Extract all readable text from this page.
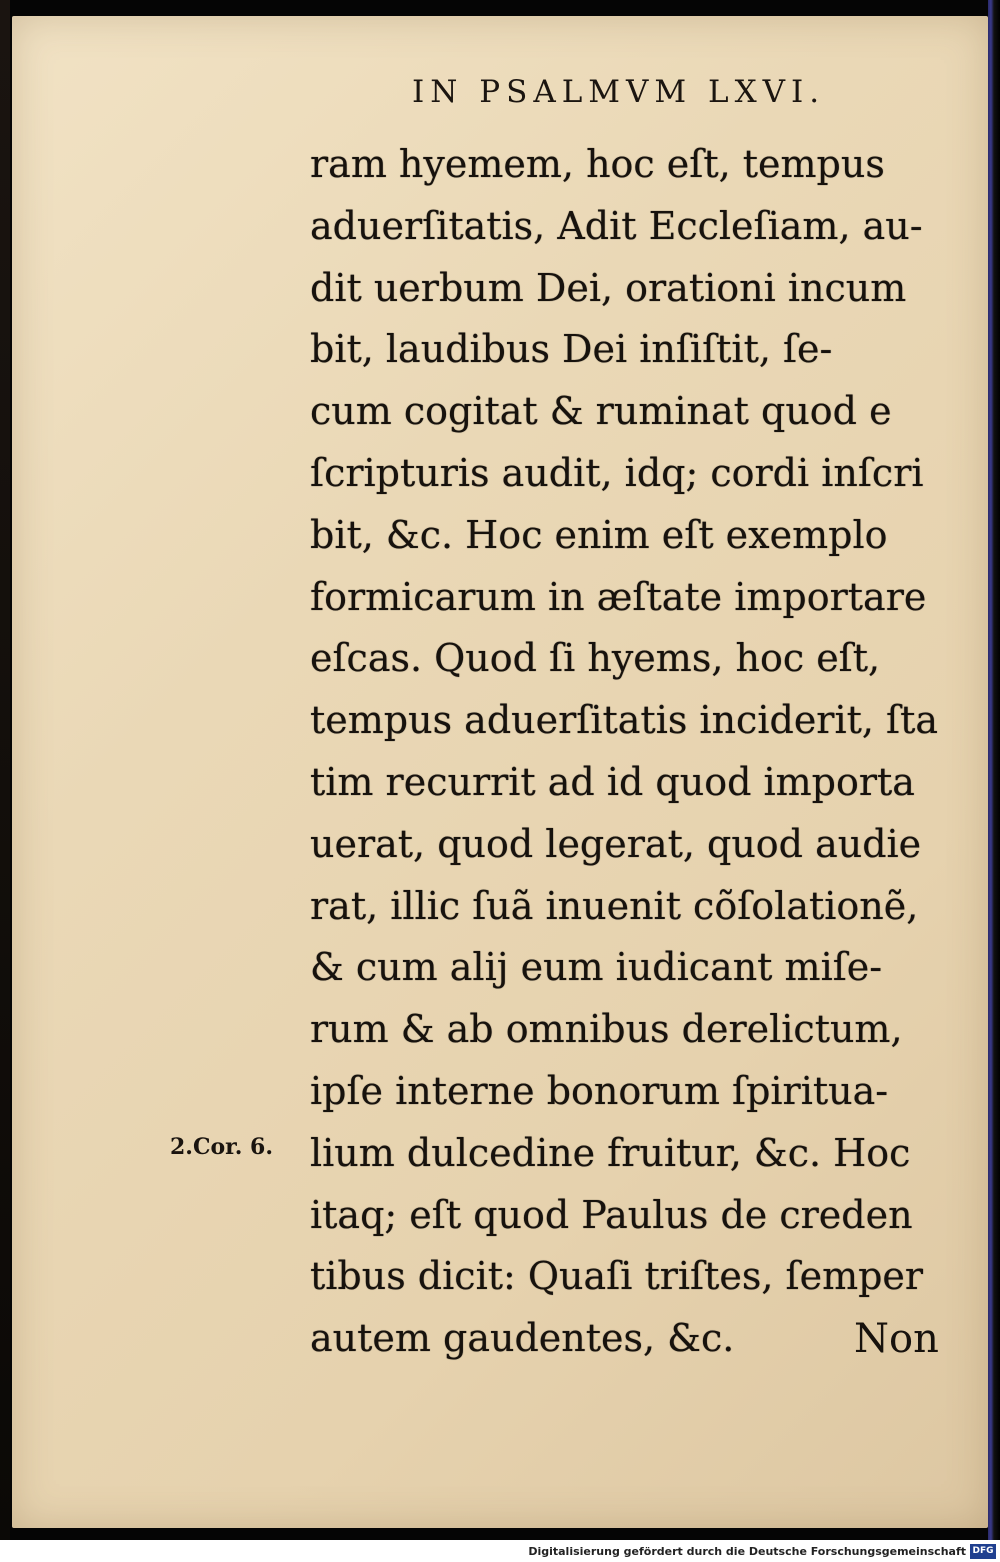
IN PSALMVM LXVI.
ram hyemem, hoc eſt, tempus
aduerſitatis, Adit Eccleſiam, au-
dit uerbum Dei, orationi incum
bit, laudibus Dei inſiſtit, ſe-
cum cogitat & ruminat quod e
ſcripturis audit, idq; cordi inſcri
bit, &c. Hoc enim eſt exemplo
formicarum in æſtate importare
eſcas. Quod ſi hyems, hoc eſt,
tempus aduerſitatis inciderit, ſta
tim recurrit ad id quod importa
uerat, quod legerat, quod audie
rat, illic ſuã inuenit cõſolationẽ,
& cum alij eum iudicant miſe-
rum & ab omnibus derelictum,
ipſe interne bonorum ſpiritua-
lium dulcedine fruitur, &c. Hoc
itaq; eſt quod Paulus de creden
tibus dicit: Quaſi triſtes, ſemper
autem gaudentes, &c.
2.Cor. 6.
Non
Digitalisierung gefördert durch die Deutsche Forschungsgemeinschaft DFG
